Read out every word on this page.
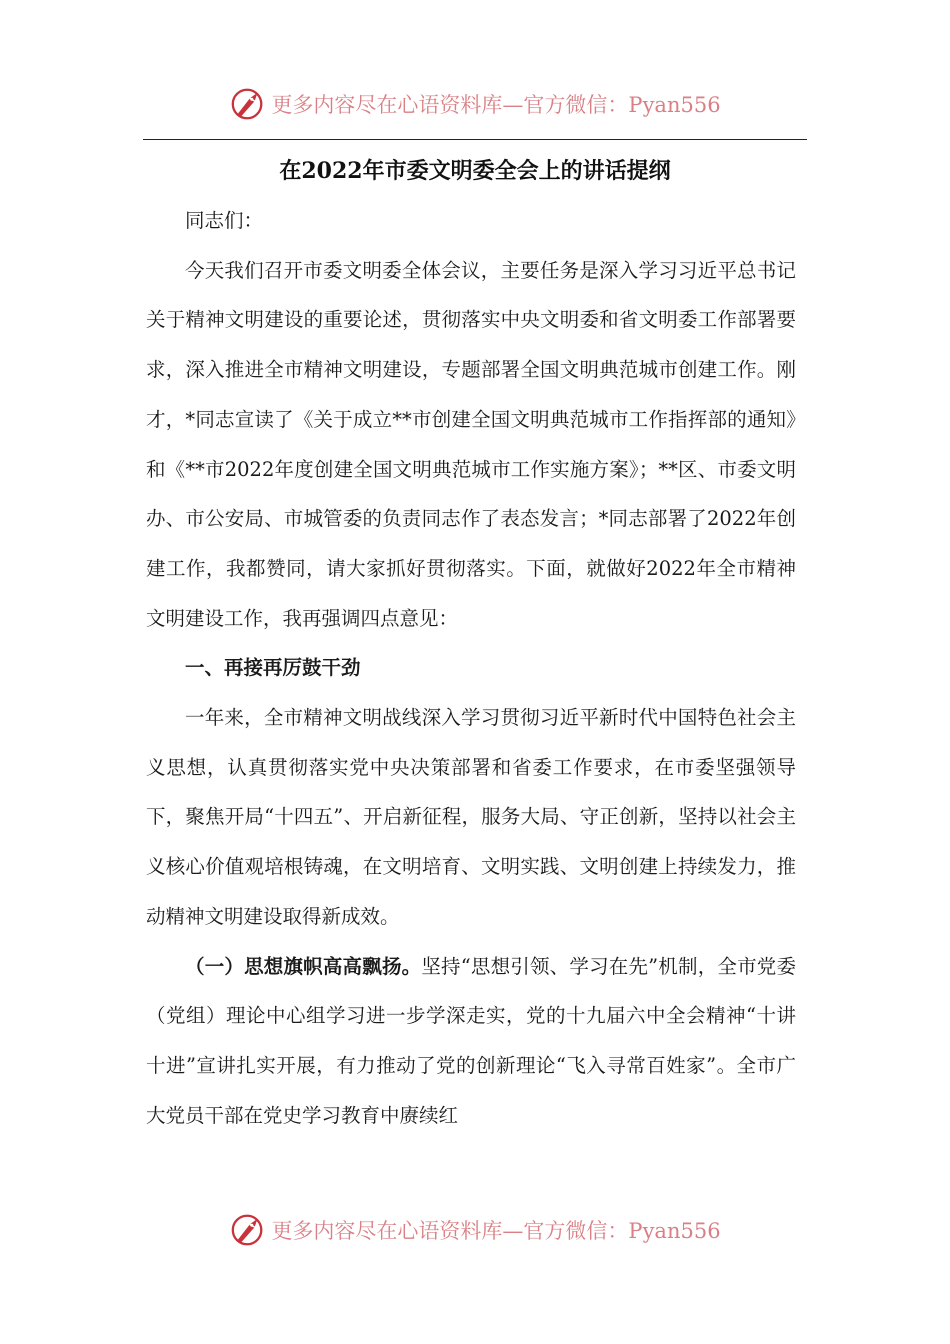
更多内容尽在心语资料库—官方微信：Pyan556
在2022年市委文明委全会上的讲话提纲

同志们：

今天我们召开市委文明委全体会议，主要任务是深入学习习近平总书记关于精神文明建设的重要论述，贯彻落实中央文明委和省文明委工作部署要求，深入推进全市精神文明建设，专题部署全国文明典范城市创建工作。刚才，*同志宣读了《关于成立**市创建全国文明典范城市工作指挥部的通知》和《**市2022年度创建全国文明典范城市工作实施方案》；**区、市委文明办、市公安局、市城管委的负责同志作了表态发言；*同志部署了2022年创建工作，我都赞同，请大家抓好贯彻落实。下面，就做好2022年全市精神文明建设工作，我再强调四点意见：

一、再接再厉鼓干劲

一年来，全市精神文明战线深入学习贯彻习近平新时代中国特色社会主义思想，认真贯彻落实党中央决策部署和省委工作要求，在市委坚强领导下，聚焦开局“十四五”、开启新征程，服务大局、守正创新，坚持以社会主义核心价值观培根铸魂，在文明培育、文明实践、文明创建上持续发力，推动精神文明建设取得新成效。

（一）思想旗帜高高飘扬。坚持“思想引领、学习在先”机制，全市党委（党组）理论中心组学习进一步学深走实，党的十九届六中全会精神“十讲十进”宣讲扎实开展，有力推动了党的创新理论“飞入寻常百姓家”。全市广大党员干部在党史学习教育中赓续红

更多内容尽在心语资料库—官方微信：Pyan556
